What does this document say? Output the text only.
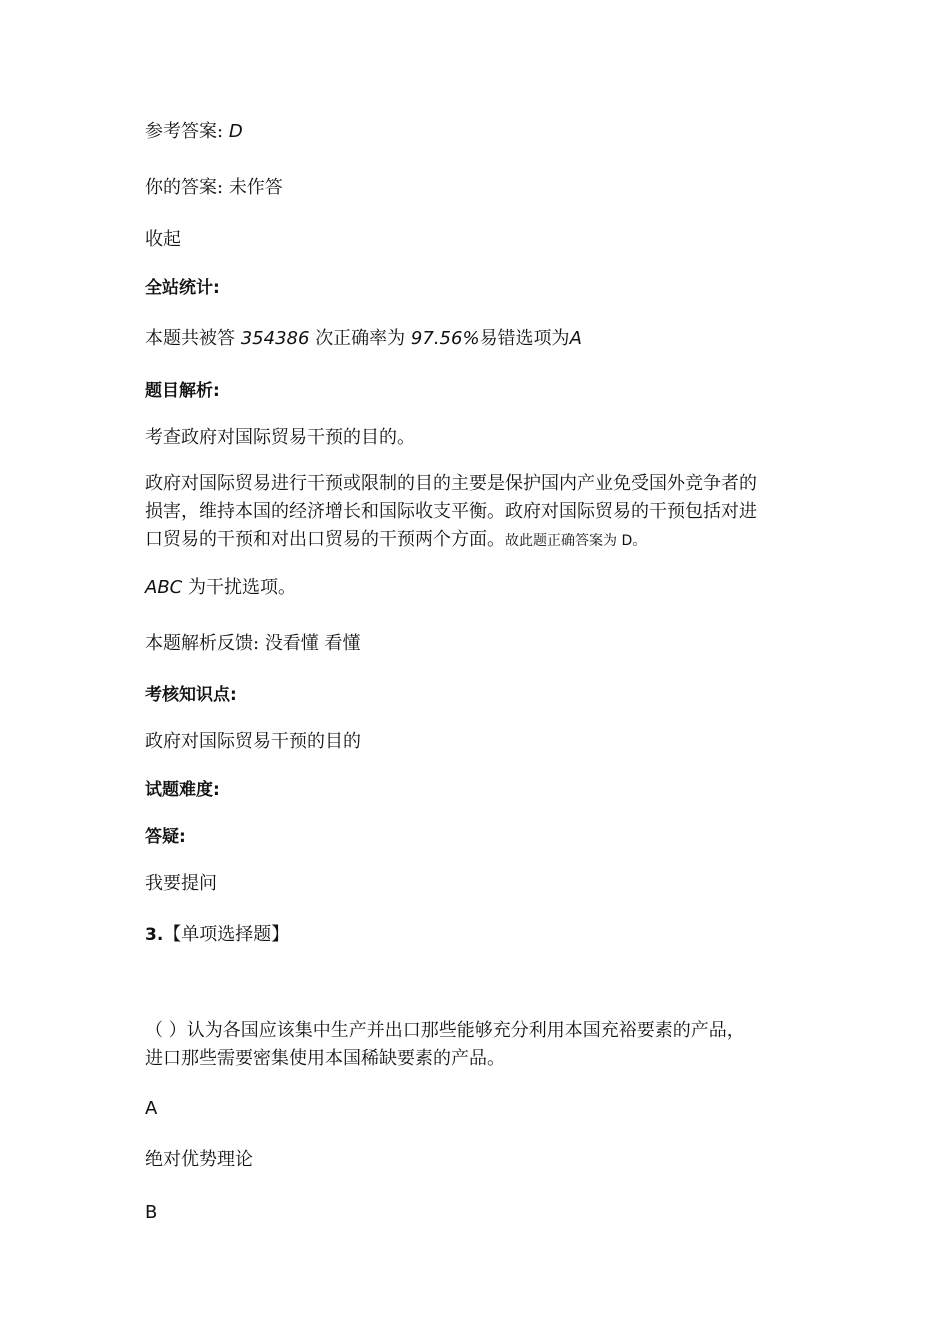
参考答案: D
你的答案: 未作答
收起
全站统计:
本题共被答 354386 次正确率为 97.56%易错选项为A
题目解析:
考查政府对国际贸易干预的目的。
政府对国际贸易进行干预或限制的目的主要是保护国内产业免受国外竞争者的
损害，维持本国的经济增长和国际收支平衡。政府对国际贸易的干预包括对进
口贸易的干预和对出口贸易的干预两个方面。故此题正确答案为 D。
ABC 为干扰选项。
本题解析反馈: 没看懂 看懂
考核知识点:
政府对国际贸易干预的目的
试题难度:
答疑:
我要提问
3.【单项选择题】
（ ）认为各国应该集中生产并出口那些能够充分利用本国充裕要素的产品，
进口那些需要密集使用本国稀缺要素的产品。
A
绝对优势理论
B
